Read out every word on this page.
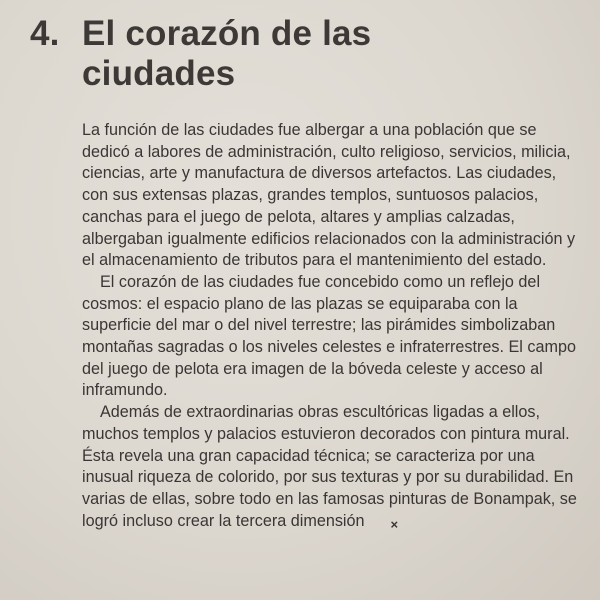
4. El corazón de las
ciudades

La función de las ciudades fue albergar a una población que se dedicó a labores de administración, culto religioso, servicios, milicia, ciencias, arte y manufactura de diversos artefactos. Las ciudades, con sus extensas plazas, grandes templos, suntuosos palacios, canchas para el juego de pelota, altares y amplias calzadas, albergaban igualmente edificios relacionados con la administración y el almacenamiento de tributos para el mantenimiento del estado.

El corazón de las ciudades fue concebido como un reflejo del cosmos: el espacio plano de las plazas se equiparaba con la superficie del mar o del nivel terrestre; las pirámides simbolizaban montañas sagradas o los niveles celestes e infraterrestres. El campo del juego de pelota era imagen de la bóveda celeste y acceso al inframundo.

Además de extraordinarias obras escultóricas ligadas a ellos, muchos templos y palacios estuvieron decorados con pintura mural. Ésta revela una gran capacidad técnica; se caracteriza por una inusual riqueza de colorido, por sus texturas y por su durabilidad. En varias de ellas, sobre todo en las famosas pinturas de Bonampak, se logró incluso crear la tercera dimensión ×
